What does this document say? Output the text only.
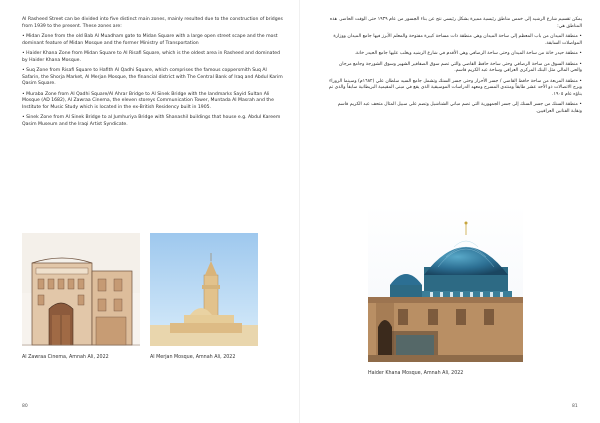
Al Rasheed Street can be divided into five distinct main zones, mainly resulted due to the construction of bridges from 1939 to the present. These zones are:

• Midan Zone from the old Bab Al Muadham gate to Midan Square with a large open street scape and the most dominant feature of Midan Mosque and the former Ministry of Transportation

• Haider Khana Zone from Midan Square to Al Risafi Square, which is the oldest area in Rasheed and dominated by Haider Khana Mosque.

• Suq Zone from Risafi Square to Hafith Al Qadhi Square, which comprises the famous coppersmith Suq Al Safarin, the Shorja Market, Al Merjan Mosque, the financial district with The Central Bank of Iraq and Abdul Karim Qasim Square.

• Muraba Zone from Al Qadhi Square/Al Ahrar Bridge to Al Sinek Bridge with the landmarks Sayid Sultan Ali Mosque (AD 1682), Al Zawraa Cinema, the eleven storeys Communication Tower, Muntada Al Masrah and the Institute for Music Study which is located in the ex-British Residency built in 1905.

• Sinek Zone from Al Sinek Bridge to al Jumhuriya Bridge with Shanashil buildings that house e.g. Abdul Kareem Qasim Museum and the Iraqi Artist Syndicate.

Al Zawraa Cinema, Amnah Ali, 2022	Al Merjan Mosque, Amnah Ali, 2022
80

يمكن تقسيم شارع الرشيد إلى خمس مناطق رئيسية مميزة بشكل رئيسي نتج عن بناء الجسور من عام ١٩٣٩ حتى الوقت الحاضر. هذه المناطق هي:

• منطقة الميدان من باب المعظم إلى ساحة الميدان وهي منطقة ذات مساحة كبيرة مفتوحة والمعلم الأبرز فيها جامع الميدان ووزارة المواصلات السابقة.

• منطقة حيدر خانة من ساحة الميدان وحتى ساحة الرصافي وهي الأقدم في شارع الرشيد ويغلب عليها جامع الحيدر خانة.

• منطقة السوق من ساحة الرصافي وحتى ساحة حافظ القاضي والتي تضم سوق الصفافير الشهير وسوق الشورجة وجامع مرجان والحي المالي مثل البنك المركزي العراقي وساحة عبد الكريم قاسم.

• منطقة المربعة من ساحة حافظ القاضي / جسر الأحرار وحتى جسر السنك وتشمل جامع السيد سلطان علي (١٦٨٢م) وسينما الزوراء وبرج الاتصالات ذو الأحد عشر طابقاً ومنتدى المسرح ومعهد الدراسات الموسيقية الذي يقع في مبنى المقيمية البريطانية سابقاً والذي تم بناؤه عام ١٩٠٥.

• منطقة السنك من جسر السنك إلى جسر الجمهورية التي تضم مباني الشناشيل وتضم على سبيل المثال متحف عبد الكريم قاسم ونقابة الفنانين العراقيين.

Haider Khana Mosque, Amnah Ali, 2022
81
